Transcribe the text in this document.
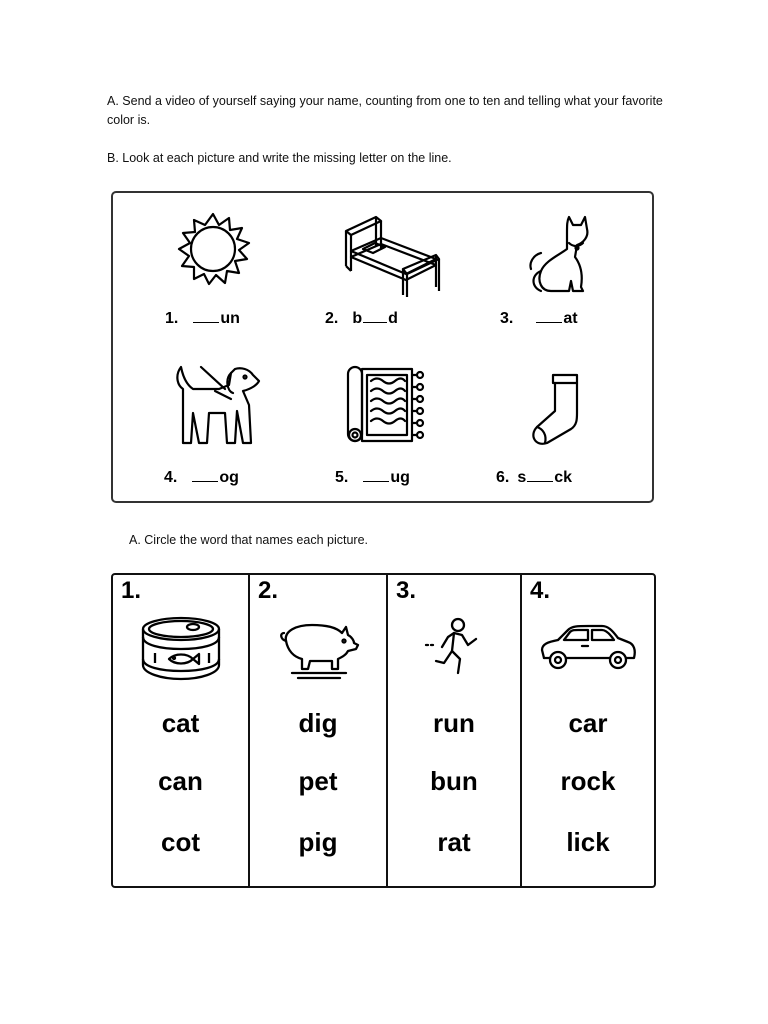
A. Send a video of yourself saying your name, counting from one to ten and telling what your favorite color is.
B. Look at each picture and write the missing letter on the line.
1.	un	2. b d	3.	at
4.	og	5.	ug	6. s ck
A. Circle the word that names each picture.
1.
cat
can
cot
2.
dig
pet
pig
3.
run
bun
rat
4.
car
rock
lick
